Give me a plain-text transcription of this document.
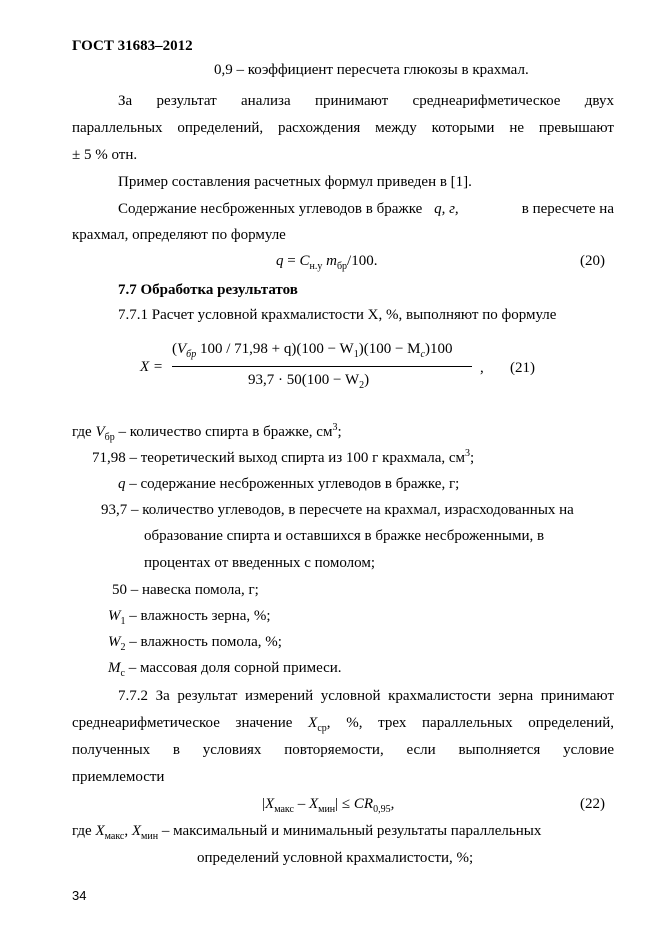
ГОСТ 31683–2012
0,9 – коэффициент пересчета глюкозы в крахмал.
За результат анализа принимают среднеарифметическое двух
параллельных определений, расхождения между которыми не превышают
± 5 % отн.
Пример составления расчетных формул приведен в [1].
Содержание несброженных углеводов в бражке q, г,	в пересчете на
крахмал, определяют по формуле
$q = C_{н.у}$ $m_{бр}/100$.	(20)
7.7 Обработка результатов
7.7.1 Расчет условной крахмалистости X, %, выполняют по формуле
X =
($V_{бр}$ $100 / 71,98 + q)(100 - W_1)(100 - M_c)100$
$93,7 \cdot 50(100 - W_2)$
, (21)
где $V_{бр}$ – количество спирта в бражке, $см^3$;
71,98 – теоретический выход спирта из 100 г крахмала, $см^3$;
q – содержание несброженных углеводов в бражке, г;
93,7 – количество углеводов, в пересчете на крахмал, израсходованных на
образование спирта и оставшихся в бражке несброженными, в
процентах от введенных с помолом;
50 – навеска помола, г;
$W_1$ – влажность зерна, %;
$W_2$ – влажность помола, %;
$М_с$ – массовая доля сорной примеси.
7.7.2 За результат измерений условной крахмалистости зерна принимают
среднеарифметическое значение $X_{ср}$, %, трех параллельных определений,
полученных в условиях повторяемости, если выполняется условие
приемлемости
$|X_{макс} - X_{мин}| \le CR_{0,95}$,	(22)
где $X_{макс}$, $X_{мин}$ – максимальный и минимальный результаты параллельных
определений условной крахмалистости, %;
34
